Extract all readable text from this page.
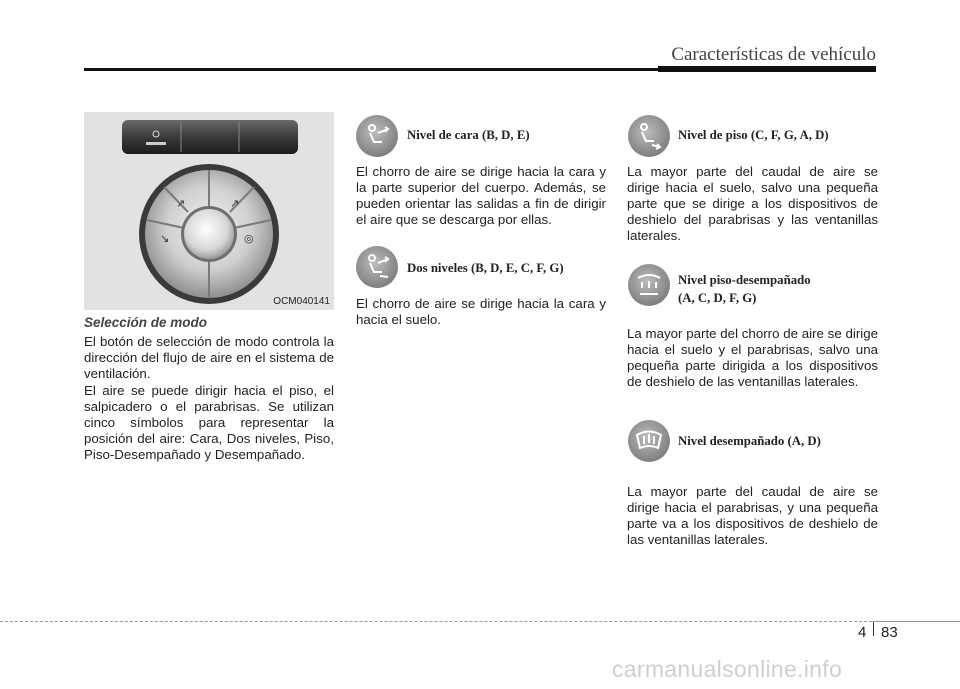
Características de vehículo
↗	↗
↘	◎
OCM040141
Selección de modo

El botón de selección de modo controla la dirección del flujo de aire en el sistema de ventilación.

El aire se puede dirigir hacia el piso, el salpicadero o el parabrisas. Se utilizan cinco símbolos para representar la posición del aire: Cara, Dos niveles, Piso, Piso-Desempañado y Desempañado.

Nivel de cara (B, D, E)

El chorro de aire se dirige hacia la cara y la parte superior del cuerpo. Además, se pueden orientar las salidas a fin de dirigir el aire que se descarga por ellas.

Dos niveles (B, D, E, C, F, G)

El chorro de aire se dirige hacia la cara y hacia el suelo.

Nivel de piso (C, F, G, A, D)

La mayor parte del caudal de aire se dirige hacia el suelo, salvo una pequeña parte que se dirige a los dispositivos de deshielo del parabrisas y las ventanillas laterales.

Nivel piso-desempañado
(A, C, D, F, G)

La mayor parte del chorro de aire se dirige hacia el suelo y el parabrisas, salvo una pequeña parte dirigida a los dispositivos de deshielo de las ventanillas laterales.

Nivel desempañado (A, D)

La mayor parte del caudal de aire se dirige hacia el parabrisas, y una pequeña parte va a los dispositivos de deshielo de las ventanillas laterales.

4 83
carmanualsonline.info
